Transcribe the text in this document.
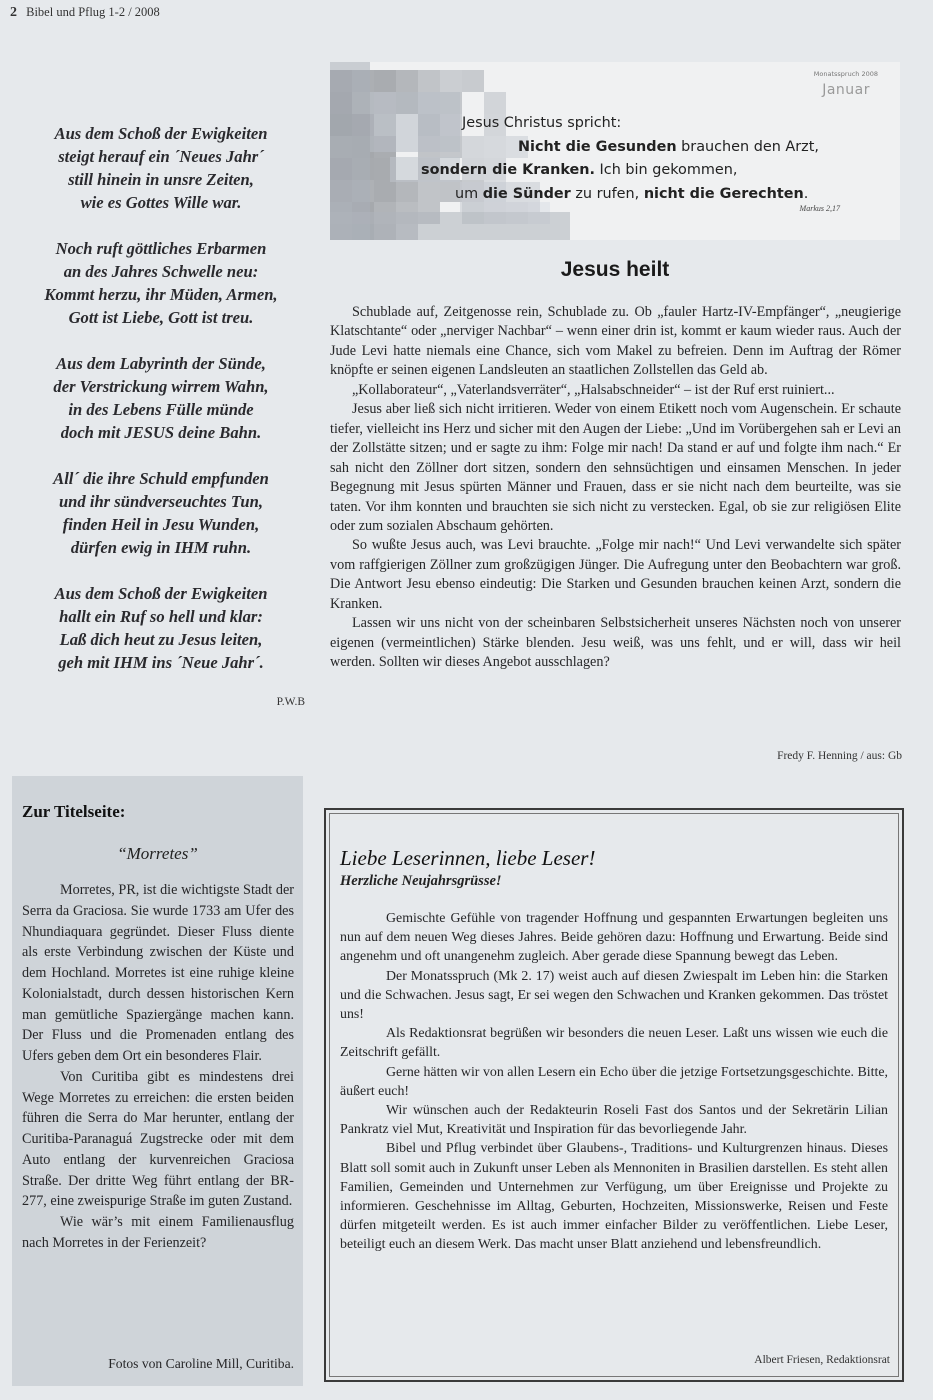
2 Bibel und Pflug 1-2 / 2008
Aus dem Schoß der Ewigkeiten
steigt herauf ein ´Neues Jahr´
still hinein in unsre Zeiten,
wie es Gottes Wille war.
Noch ruft göttliches Erbarmen
an des Jahres Schwelle neu:
Kommt herzu, ihr Müden, Armen,
Gott ist Liebe, Gott ist treu.
Aus dem Labyrinth der Sünde,
der Verstrickung wirrem Wahn,
in des Lebens Fülle münde
doch mit JESUS deine Bahn.
All´ die ihre Schuld empfunden
und ihr sündverseuchtes Tun,
finden Heil in Jesu Wunden,
dürfen ewig in IHM ruhn.
Aus dem Schoß der Ewigkeiten
hallt ein Ruf so hell und klar:
Laß dich heut zu Jesus leiten,
geh mit IHM ins ´Neue Jahr´.
P.W.B
Monatsspruch 2008
Januar
Jesus Christus spricht:
Nicht die Gesunden brauchen den Arzt,
sondern die Kranken. Ich bin gekommen,
um die Sünder zu rufen, nicht die Gerechten.
Markus 2,17
Jesus heilt

Schublade auf, Zeitgenosse rein, Schublade zu. Ob „fauler Hartz-IV-Empfänger“, „neugierige Klatschtante“ oder „nerviger Nachbar“ – wenn einer drin ist, kommt er kaum wieder raus. Auch der Jude Levi hatte niemals eine Chance, sich vom Makel zu befreien. Denn im Auftrag der Römer knöpfte er seinen eigenen Landsleuten an staatlichen Zollstellen das Geld ab.

„Kollaborateur“, „Vaterlandsverräter“, „Halsabschneider“ – ist der Ruf erst ruiniert...

Jesus aber ließ sich nicht irritieren. Weder von einem Etikett noch vom Augenschein. Er schaute tiefer, vielleicht ins Herz und sicher mit den Augen der Liebe: „Und im Vorübergehen sah er Levi an der Zollstätte sitzen; und er sagte zu ihm: Folge mir nach! Da stand er auf und folgte ihm nach.“ Er sah nicht den Zöllner dort sitzen, sondern den sehnsüchtigen und einsamen Menschen. In jeder Begegnung mit Jesus spürten Männer und Frauen, dass er sie nicht nach dem beurteilte, was sie taten. Vor ihm konnten und brauchten sie sich nicht zu verstecken. Egal, ob sie zur religiösen Elite oder zum sozialen Abschaum gehörten.

So wußte Jesus auch, was Levi brauchte. „Folge mir nach!“ Und Levi verwandelte sich später vom raffgierigen Zöllner zum großzügigen Jünger. Die Aufregung unter den Beobachtern war groß. Die Antwort Jesu ebenso eindeutig: Die Starken und Gesunden brauchen keinen Arzt, sondern die Kranken.

Lassen wir uns nicht von der scheinbaren Selbstsicherheit unseres Nächsten noch von unserer eigenen (vermeintlichen) Stärke blenden. Jesu weiß, was uns fehlt, und er will, dass wir heil werden. Sollten wir dieses Angebot ausschlagen?

Fredy F. Henning / aus: Gb
Zur Titelseite:
“Morretes”

Morretes, PR, ist die wichtigste Stadt der Serra da Graciosa. Sie wurde 1733 am Ufer des Nhundiaquara gegründet. Dieser Fluss diente als erste Verbindung zwischen der Küste und dem Hochland. Morretes ist eine ruhige kleine Kolonialstadt, durch dessen historischen Kern man gemütliche Spaziergänge machen kann. Der Fluss und die Promenaden entlang des Ufers geben dem Ort ein besonderes Flair.

Von Curitiba gibt es mindestens drei Wege Morretes zu erreichen: die ersten beiden führen die Serra do Mar herunter, entlang der Curitiba-Paranaguá Zugstrecke oder mit dem Auto entlang der kurvenreichen Graciosa Straße. Der dritte Weg führt entlang der BR-277, eine zweispurige Straße im guten Zustand.

Wie wär’s mit einem Familienausflug nach Morretes in der Ferienzeit?

Fotos von Caroline Mill, Curitiba.
Liebe Leserinnen, liebe Leser!
Herzliche Neujahrsgrüsse!

Gemischte Gefühle von tragender Hoffnung und gespannten Erwartungen begleiten uns nun auf dem neuen Weg dieses Jahres. Beide gehören dazu: Hoffnung und Erwartung. Beide sind angenehm und oft unangenehm zugleich. Aber gerade diese Spannung bewegt das Leben.

Der Monatsspruch (Mk 2. 17) weist auch auf diesen Zwiespalt im Leben hin: die Starken und die Schwachen. Jesus sagt, Er sei wegen den Schwachen und Kranken gekommen. Das tröstet uns!

Als Redaktionsrat begrüßen wir besonders die neuen Leser. Laßt uns wissen wie euch die Zeitschrift gefällt.

Gerne hätten wir von allen Lesern ein Echo über die jetzige Fortsetzungsgeschichte. Bitte, äußert euch!

Wir wünschen auch der Redakteurin Roseli Fast dos Santos und der Sekretärin Lilian Pankratz viel Mut, Kreativität und Inspiration für das bevorliegende Jahr.

Bibel und Pflug verbindet über Glaubens-, Traditions- und Kulturgrenzen hinaus. Dieses Blatt soll somit auch in Zukunft unser Leben als Mennoniten in Brasilien darstellen. Es steht allen Familien, Gemeinden und Unternehmen zur Verfügung, um über Ereignisse und Projekte zu informieren. Geschehnisse im Alltag, Geburten, Hochzeiten, Missionswerke, Reisen und Feste dürfen mitgeteilt werden. Es ist auch immer einfacher Bilder zu veröffentlichen. Liebe Leser, beteiligt euch an diesem Werk. Das macht unser Blatt anziehend und lebensfreundlich.

Albert Friesen, Redaktionsrat
